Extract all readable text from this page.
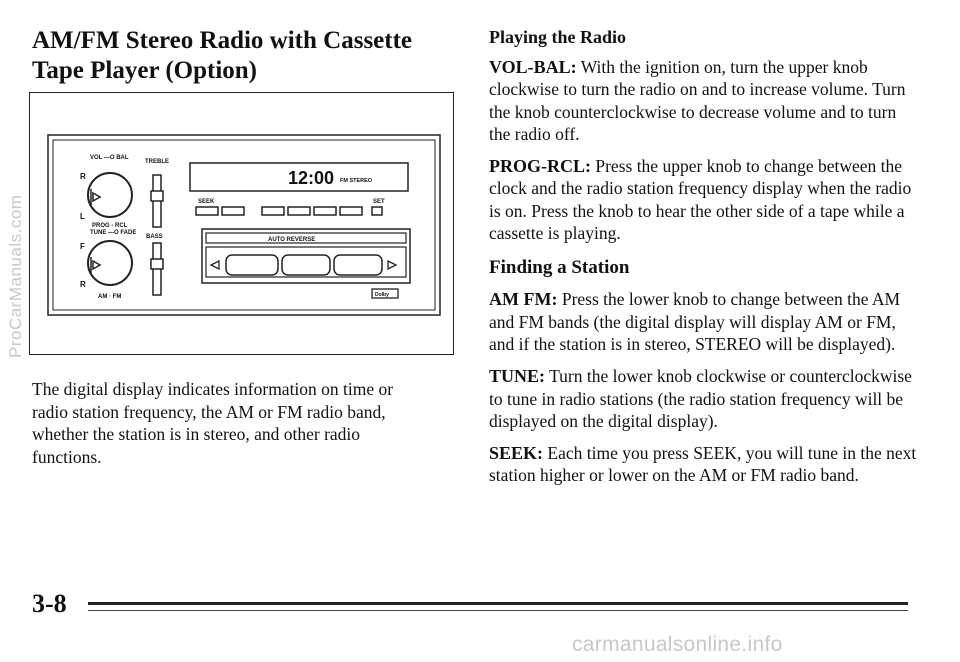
AM/FM Stereo Radio with Cassette Tape Player (Option)
VOL —O BAL
TREBLE
R
L
PROG - RCL
TUNE —O FADE
BASS
F
R
AM · FM
12:00 FM STEREO
SEEK	SET
AUTO REVERSE
Dolby

The digital display indicates information on time or radio station frequency, the AM or FM radio band, whether the station is in stereo, and other radio functions.

Playing the Radio

VOL-BAL: With the ignition on, turn the upper knob clockwise to turn the radio on and to increase volume. Turn the knob counterclockwise to decrease volume and to turn the radio off.

PROG-RCL: Press the upper knob to change between the clock and the radio station frequency display when the radio is on. Press the knob to hear the other side of a tape while a cassette is playing.

Finding a Station

AM FM: Press the lower knob to change between the AM and FM bands (the digital display will display AM or FM, and if the station is in stereo, STEREO will be displayed).

TUNE: Turn the lower knob clockwise or counterclockwise to tune in radio stations (the radio station frequency will be displayed on the digital display).

SEEK: Each time you press SEEK, you will tune in the next station higher or lower on the AM or FM radio band.

ProCarManuals.com
3-8
carmanualsonline.info
